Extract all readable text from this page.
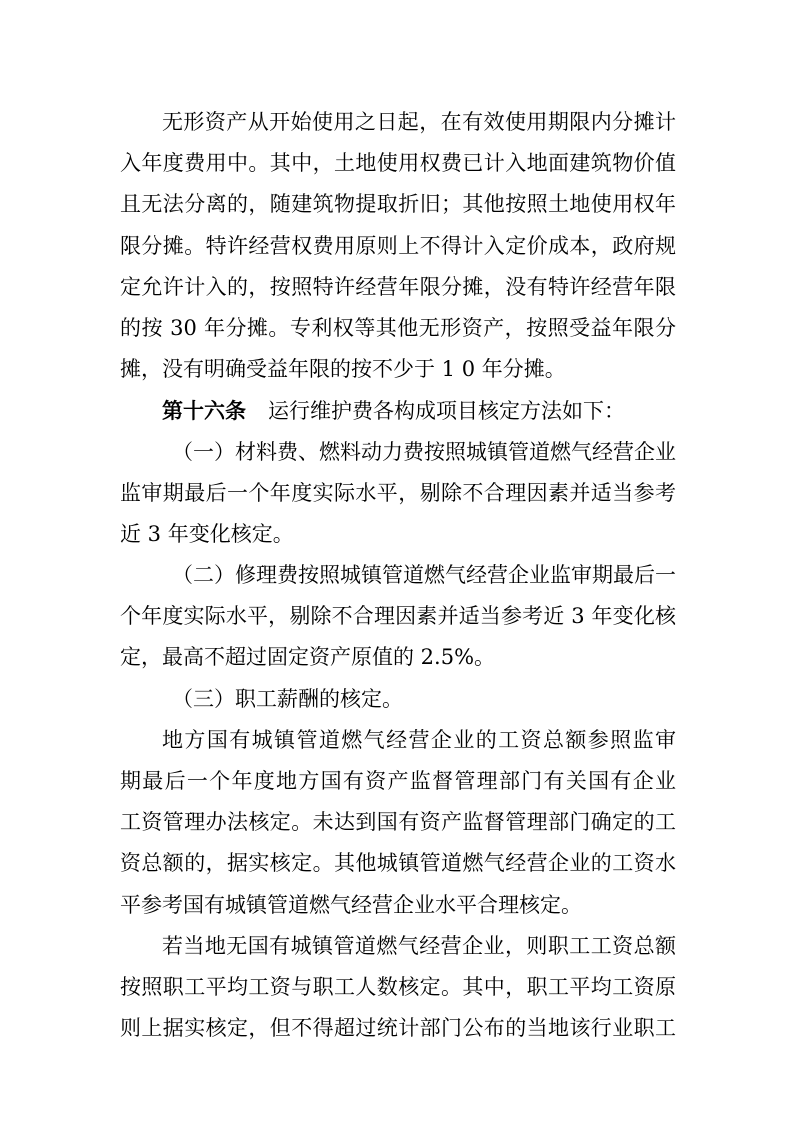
无形资产从开始使用之日起，在有效使用期限内分摊计
入年度费用中。其中，土地使用权费已计入地面建筑物价值
且无法分离的，随建筑物提取折旧；其他按照土地使用权年
限分摊。特许经营权费用原则上不得计入定价成本，政府规
定允许计入的，按照特许经营年限分摊，没有特许经营年限
的按 30 年分摊。专利权等其他无形资产，按照受益年限分
摊，没有明确受益年限的按不少于 1 0 年分摊。
第十六条 运行维护费各构成项目核定方法如下：
（一）材料费、燃料动力费按照城镇管道燃气经营企业
监审期最后一个年度实际水平，剔除不合理因素并适当参考
近 3 年变化核定。
（二）修理费按照城镇管道燃气经营企业监审期最后一
个年度实际水平，剔除不合理因素并适当参考近 3 年变化核
定，最高不超过固定资产原值的 2.5%。
（三）职工薪酬的核定。
地方国有城镇管道燃气经营企业的工资总额参照监审
期最后一个年度地方国有资产监督管理部门有关国有企业
工资管理办法核定。未达到国有资产监督管理部门确定的工
资总额的，据实核定。其他城镇管道燃气经营企业的工资水
平参考国有城镇管道燃气经营企业水平合理核定。
若当地无国有城镇管道燃气经营企业，则职工工资总额
按照职工平均工资与职工人数核定。其中，职工平均工资原
则上据实核定，但不得超过统计部门公布的当地该行业职工
